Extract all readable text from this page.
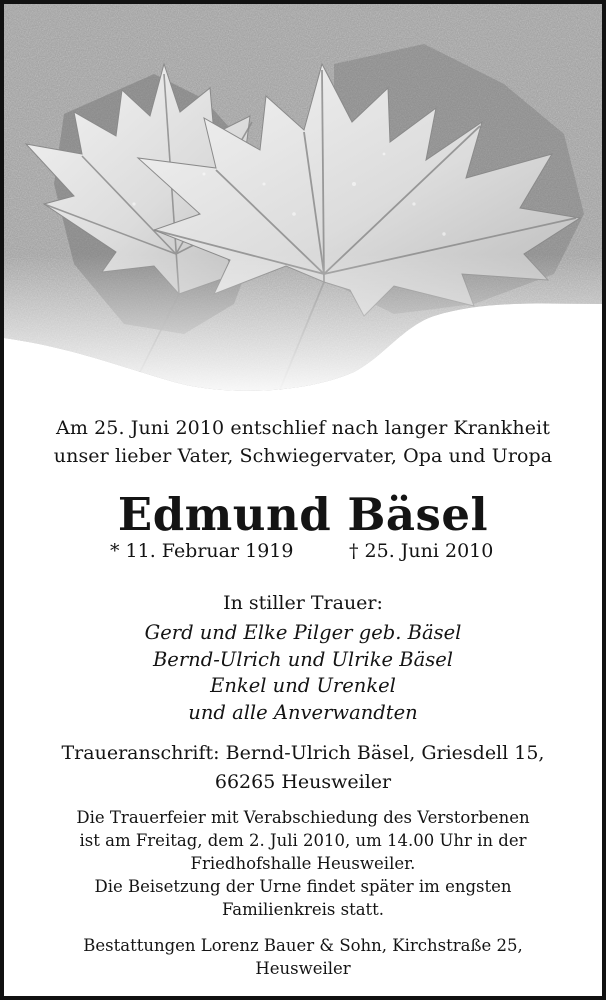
Am 25. Juni 2010 entschlief nach langer Krankheit
unser lieber Vater, Schwiegervater, Opa und Uropa
Edmund Bäsel
* 11. Februar 1919	† 25. Juni 2010
In stiller Trauer:
Gerd und Elke Pilger geb. Bäsel
Bernd-Ulrich und Ulrike Bäsel
Enkel und Urenkel
und alle Anverwandten
Traueranschrift: Bernd-Ulrich Bäsel, Griesdell 15,
66265 Heusweiler
Die Trauerfeier mit Verabschiedung des Verstorbenen
ist am Freitag, dem 2. Juli 2010, um 14.00 Uhr in der
Friedhofshalle Heusweiler.
Die Beisetzung der Urne findet später im engsten
Familienkreis statt.
Bestattungen Lorenz Bauer & Sohn, Kirchstraße 25,
Heusweiler
